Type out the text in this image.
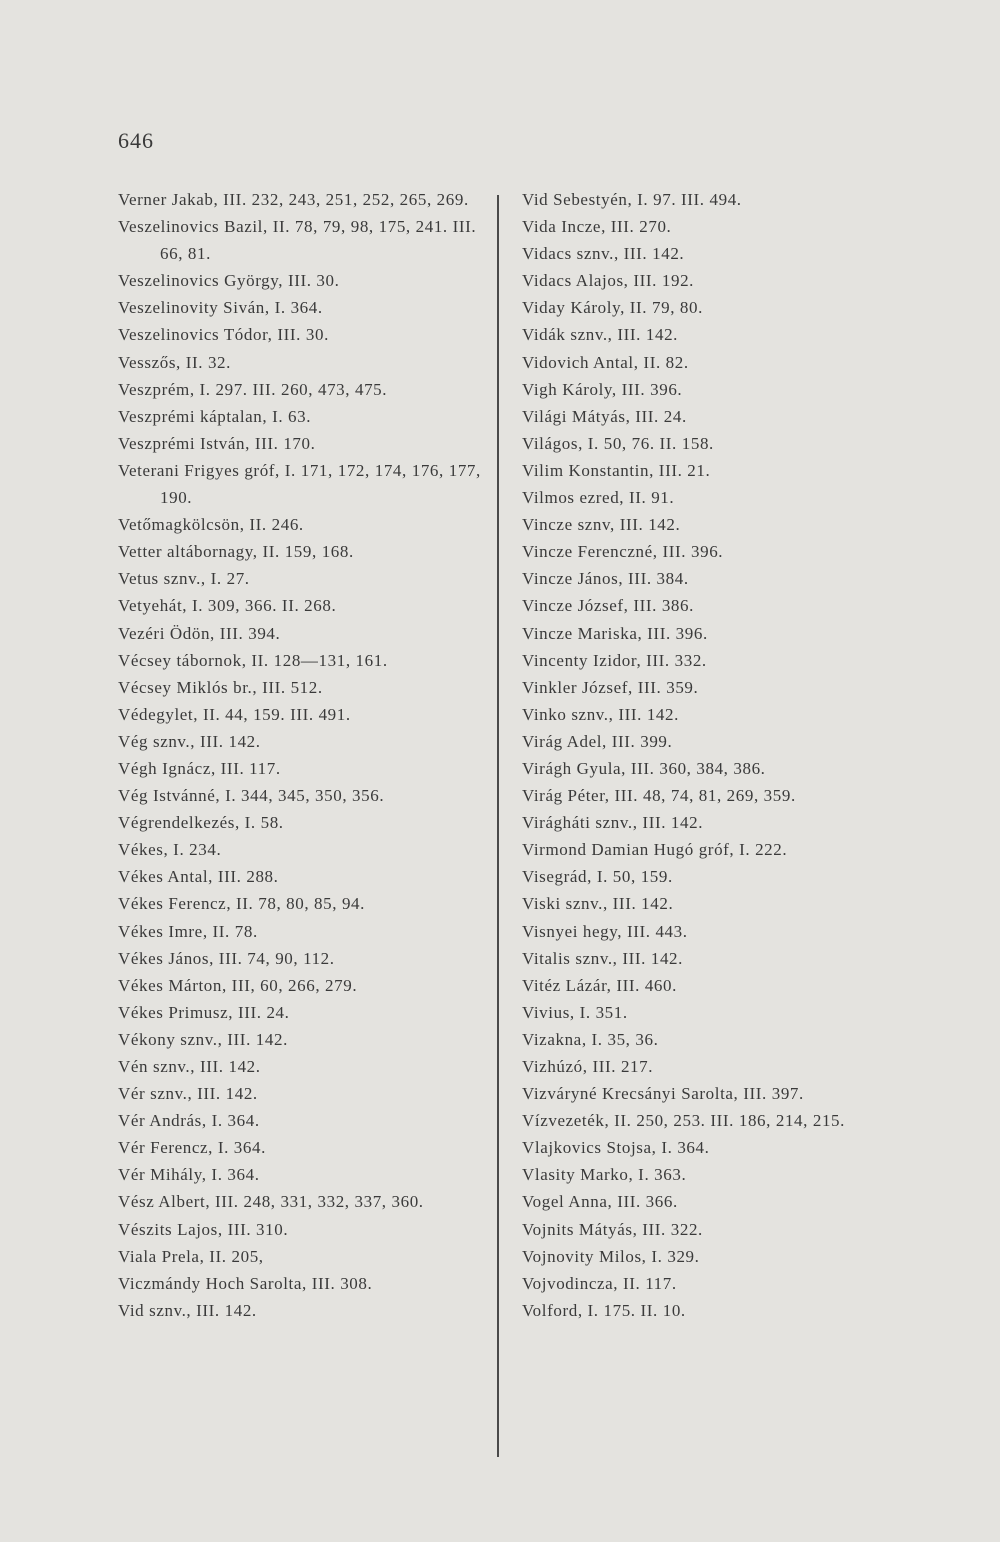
646
Verner Jakab, III. 232, 243, 251, 252, 265, 269.
Veszelinovics Bazil, II. 78, 79, 98, 175, 241. III. 66, 81.
Veszelinovics György, III. 30.
Veszelinovity Siván, I. 364.
Veszelinovics Tódor, III. 30.
Vesszős, II. 32.
Veszprém, I. 297. III. 260, 473, 475.
Veszprémi káptalan, I. 63.
Veszprémi István, III. 170.
Veterani Frigyes gróf, I. 171, 172, 174, 176, 177, 190.
Vetőmagkölcsön, II. 246.
Vetter altábornagy, II. 159, 168.
Vetus sznv., I. 27.
Vetyehát, I. 309, 366. II. 268.
Vezéri Ödön, III. 394.
Vécsey tábornok, II. 128—131, 161.
Vécsey Miklós br., III. 512.
Védegylet, II. 44, 159. III. 491.
Vég sznv., III. 142.
Végh Ignácz, III. 117.
Vég Istvánné, I. 344, 345, 350, 356.
Végrendelkezés, I. 58.
Vékes, I. 234.
Vékes Antal, III. 288.
Vékes Ferencz, II. 78, 80, 85, 94.
Vékes Imre, II. 78.
Vékes János, III. 74, 90, 112.
Vékes Márton, III, 60, 266, 279.
Vékes Primusz, III. 24.
Vékony sznv., III. 142.
Vén sznv., III. 142.
Vér sznv., III. 142.
Vér András, I. 364.
Vér Ferencz, I. 364.
Vér Mihály, I. 364.
Vész Albert, III. 248, 331, 332, 337, 360.
Vészits Lajos, III. 310.
Viala Prela, II. 205,
Viczmándy Hoch Sarolta, III. 308.
Vid sznv., III. 142.
Vid Sebestyén, I. 97. III. 494.
Vida Incze, III. 270.
Vidacs sznv., III. 142.
Vidacs Alajos, III. 192.
Viday Károly, II. 79, 80.
Vidák sznv., III. 142.
Vidovich Antal, II. 82.
Vigh Károly, III. 396.
Világi Mátyás, III. 24.
Világos, I. 50, 76. II. 158.
Vilim Konstantin, III. 21.
Vilmos ezred, II. 91.
Vincze sznv, III. 142.
Vincze Ferenczné, III. 396.
Vincze János, III. 384.
Vincze József, III. 386.
Vincze Mariska, III. 396.
Vincenty Izidor, III. 332.
Vinkler József, III. 359.
Vinko sznv., III. 142.
Virág Adel, III. 399.
Virágh Gyula, III. 360, 384, 386.
Virág Péter, III. 48, 74, 81, 269, 359.
Virágháti sznv., III. 142.
Virmond Damian Hugó gróf, I. 222.
Visegrád, I. 50, 159.
Viski sznv., III. 142.
Visnyei hegy, III. 443.
Vitalis sznv., III. 142.
Vitéz Lázár, III. 460.
Vivius, I. 351.
Vizakna, I. 35, 36.
Vizhúzó, III. 217.
Vizváryné Krecsányi Sarolta, III. 397.
Vízvezeték, II. 250, 253. III. 186, 214, 215.
Vlajkovics Stojsa, I. 364.
Vlasity Marko, I. 363.
Vogel Anna, III. 366.
Vojnits Mátyás, III. 322.
Vojnovity Milos, I. 329.
Vojvodincza, II. 117.
Volford, I. 175. II. 10.
